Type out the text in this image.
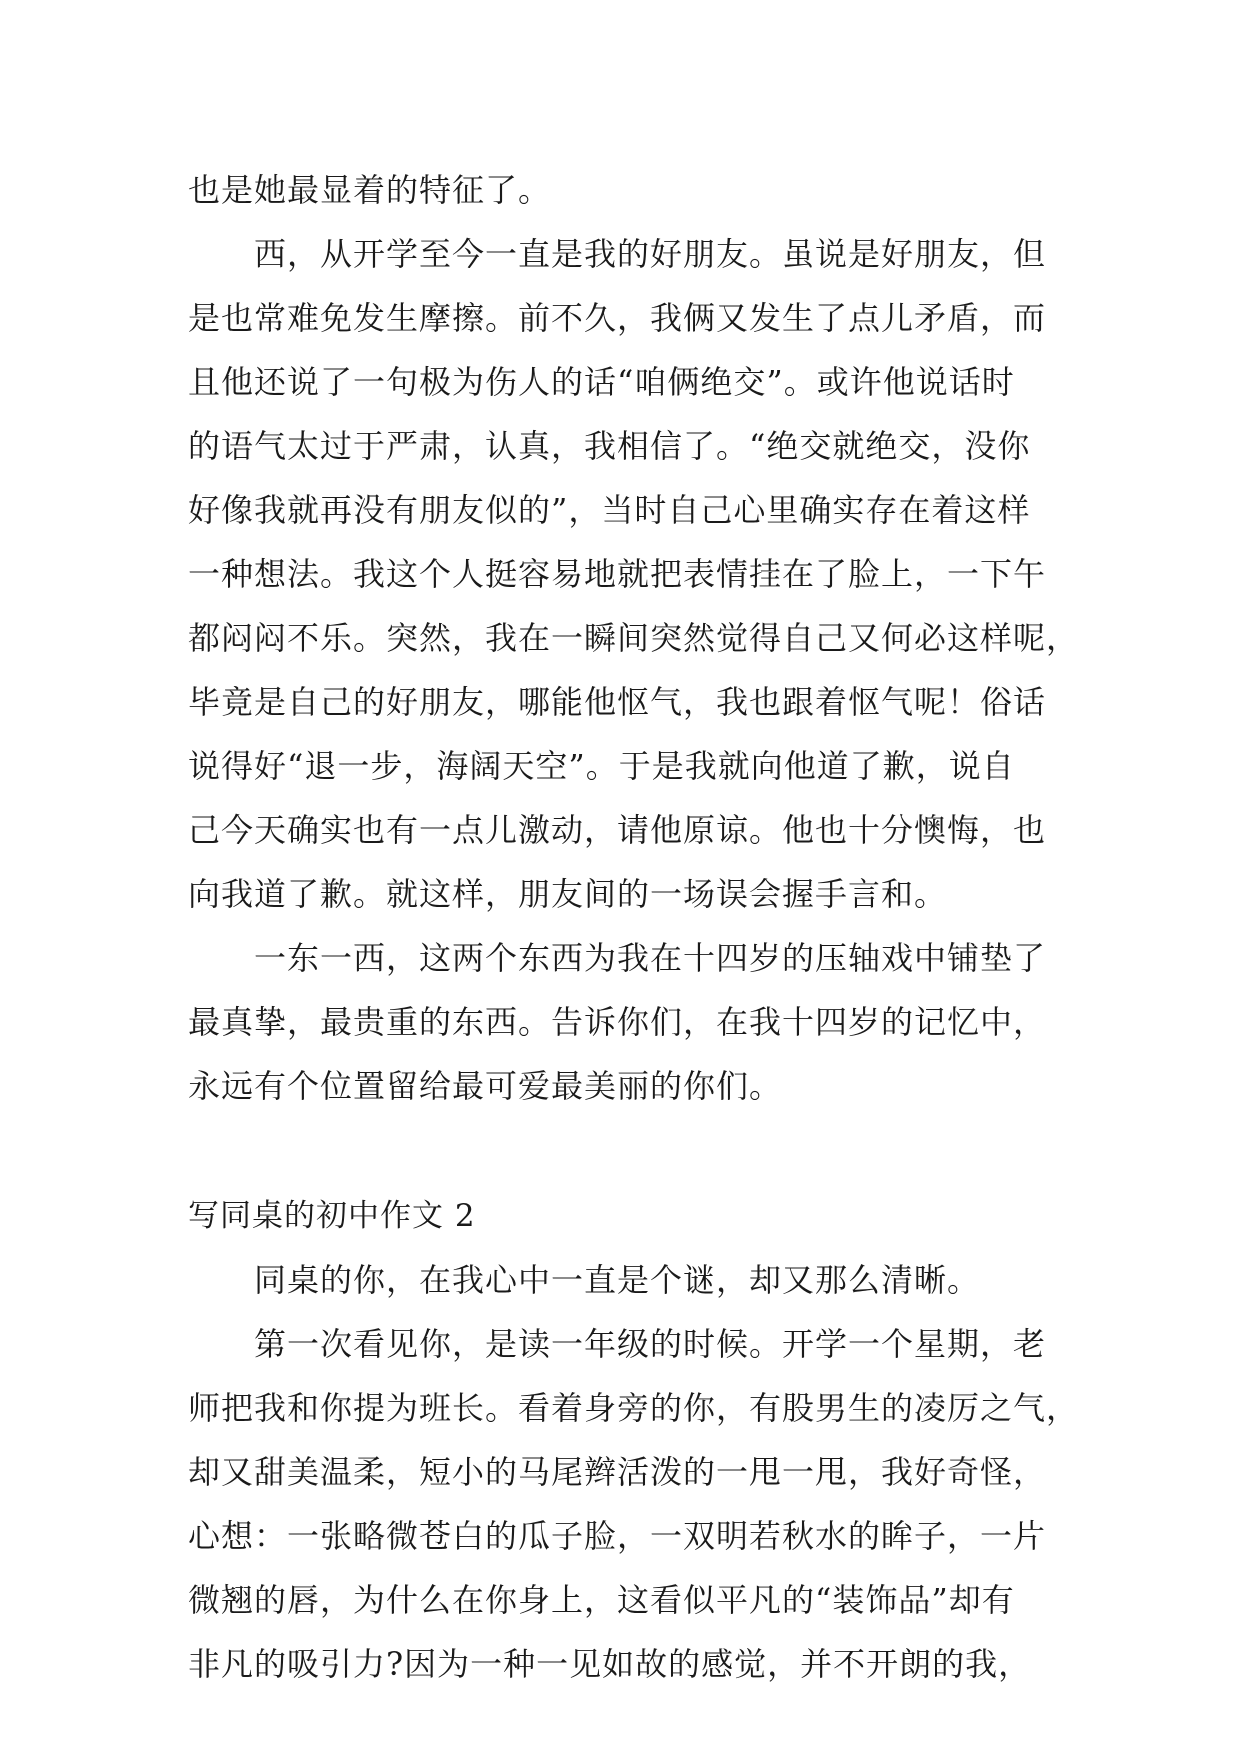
也是她最显着的特征了。
西，从开学至今一直是我的好朋友。虽说是好朋友，但
是也常难免发生摩擦。前不久，我俩又发生了点儿矛盾，而
且他还说了一句极为伤人的话“咱俩绝交”。或许他说话时
的语气太过于严肃，认真，我相信了。“绝交就绝交，没你
好像我就再没有朋友似的”，当时自己心里确实存在着这样
一种想法。我这个人挺容易地就把表情挂在了脸上，一下午
都闷闷不乐。突然，我在一瞬间突然觉得自己又何必这样呢，
毕竟是自己的好朋友，哪能他怄气，我也跟着怄气呢！俗话
说得好“退一步，海阔天空”。于是我就向他道了歉，说自
己今天确实也有一点儿激动，请他原谅。他也十分懊悔，也
向我道了歉。就这样，朋友间的一场误会握手言和。
一东一西，这两个东西为我在十四岁的压轴戏中铺垫了
最真挚，最贵重的东西。告诉你们，在我十四岁的记忆中，
永远有个位置留给最可爱最美丽的你们。
写同桌的初中作文 2
同桌的你，在我心中一直是个谜，却又那么清晰。
第一次看见你，是读一年级的时候。开学一个星期，老
师把我和你提为班长。看着身旁的你，有股男生的凌厉之气，
却又甜美温柔，短小的马尾辫活泼的一甩一甩，我好奇怪，
心想：一张略微苍白的瓜子脸，一双明若秋水的眸子，一片
微翘的唇，为什么在你身上，这看似平凡的“装饰品”却有
非凡的吸引力?因为一种一见如故的感觉，并不开朗的我，
